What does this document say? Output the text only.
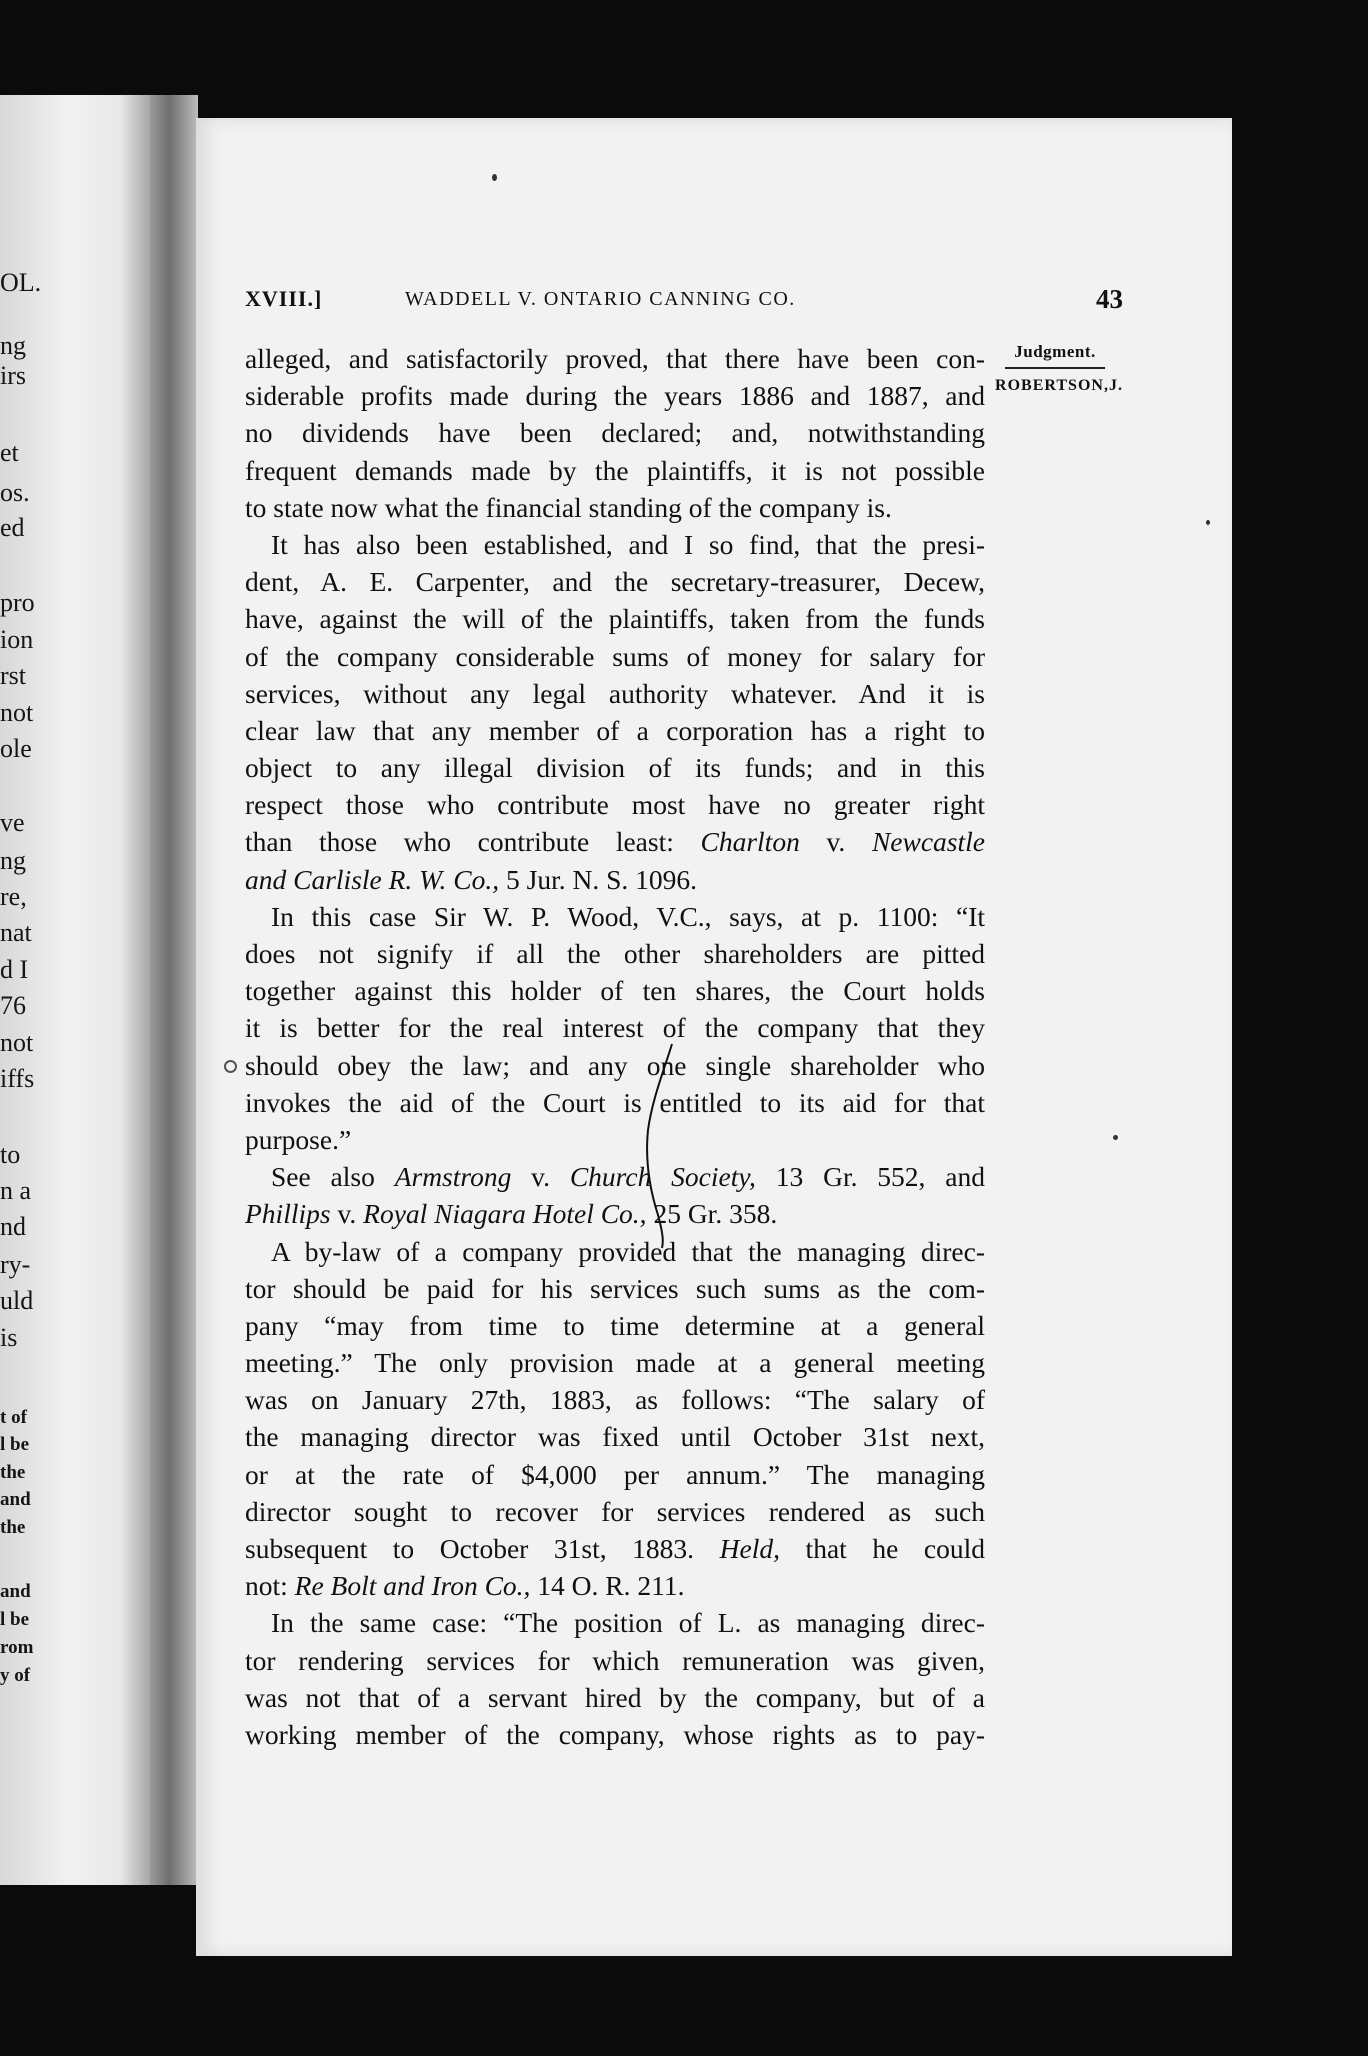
OL.

ng

irs

et

os.

ed

pro

ion

rst

not

ole

ve

ng

re,

nat

d I

76

not

iffs

to

n a

nd

ry-

uld

is

t of

l be

the

and

the

and

l be

rom

y of

XVIII.]	WADDELL V. ONTARIO CANNING CO.	43
Judgment.
ROBERTSON,J.
alleged, and satisfactorily proved, that there have been con-
siderable profits made during the years 1886 and 1887, and
no dividends have been declared; and, notwithstanding
frequent demands made by the plaintiffs, it is not possible
to state now what the financial standing of the company is.
It has also been established, and I so find, that the presi-
dent, A. E. Carpenter, and the secretary-treasurer, Decew,
have, against the will of the plaintiffs, taken from the funds
of the company considerable sums of money for salary for
services, without any legal authority whatever. And it is
clear law that any member of a corporation has a right to
object to any illegal division of its funds; and in this
respect those who contribute most have no greater right
than those who contribute least: Charlton v. Newcastle
and Carlisle R. W. Co., 5 Jur. N. S. 1096.
In this case Sir W. P. Wood, V.C., says, at p. 1100: “It
does not signify if all the other shareholders are pitted
together against this holder of ten shares, the Court holds
it is better for the real interest of the company that they
should obey the law; and any one single shareholder who
invokes the aid of the Court is entitled to its aid for that
purpose.”
See also Armstrong v. Church Society, 13 Gr. 552, and
Phillips v. Royal Niagara Hotel Co., 25 Gr. 358.
A by-law of a company provided that the managing direc-
tor should be paid for his services such sums as the com-
pany “may from time to time determine at a general
meeting.” The only provision made at a general meeting
was on January 27th, 1883, as follows: “The salary of
the managing director was fixed until October 31st next,
or at the rate of $4,000 per annum.” The managing
director sought to recover for services rendered as such
subsequent to October 31st, 1883. Held, that he could
not: Re Bolt and Iron Co., 14 O. R. 211.
In the same case: “The position of L. as managing direc-
tor rendering services for which remuneration was given,
was not that of a servant hired by the company, but of a
working member of the company, whose rights as to pay-
